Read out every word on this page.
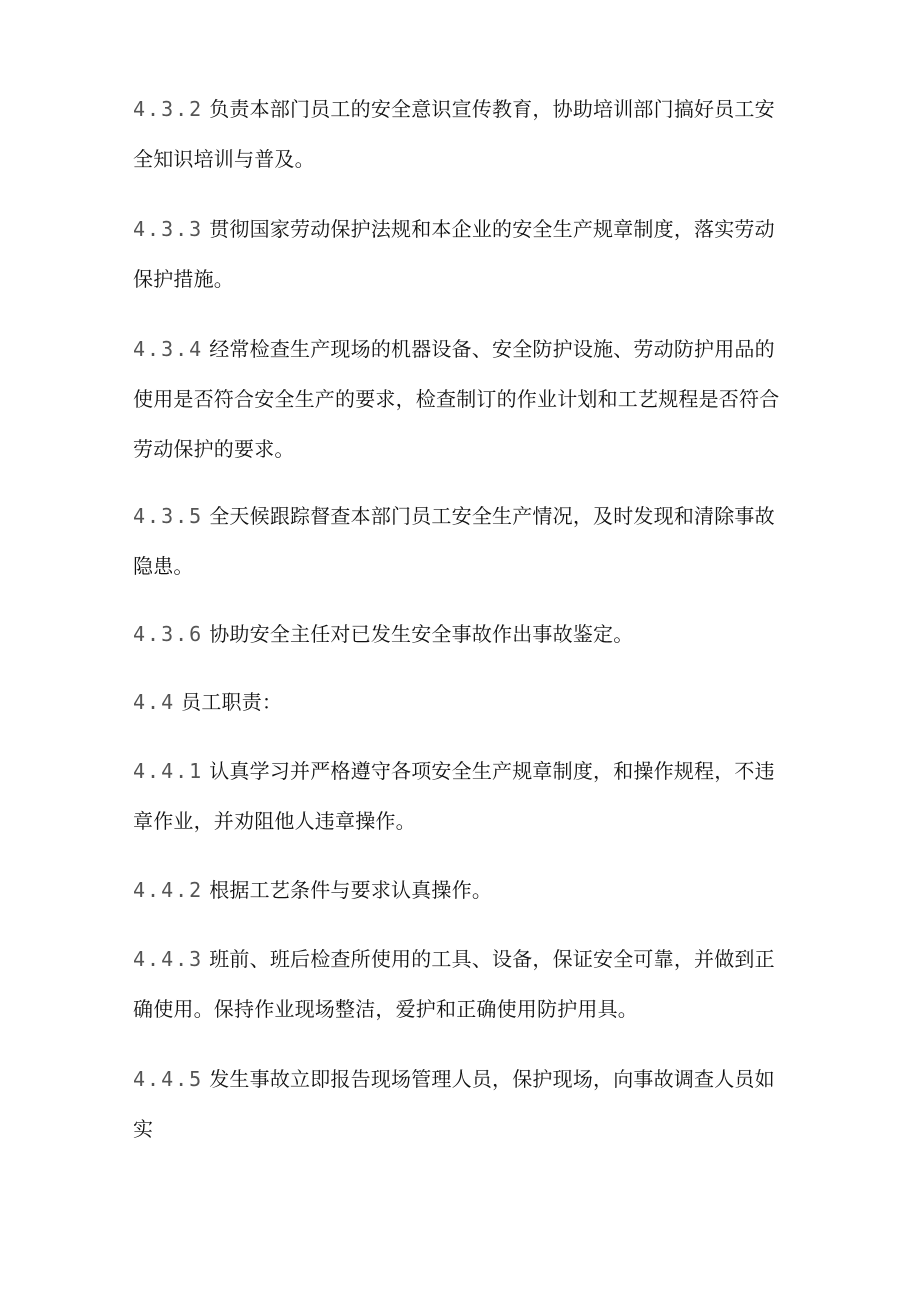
4.3.2 负责本部门员工的安全意识宣传教育，协助培训部门搞好员工安全知识培训与普及。

4.3.3 贯彻国家劳动保护法规和本企业的安全生产规章制度，落实劳动保护措施。

4.3.4 经常检查生产现场的机器设备、安全防护设施、劳动防护用品的使用是否符合安全生产的要求，检查制订的作业计划和工艺规程是否符合劳动保护的要求。

4.3.5 全天候跟踪督查本部门员工安全生产情况，及时发现和清除事故隐患。

4.3.6 协助安全主任对已发生安全事故作出事故鉴定。

4.4 员工职责：

4.4.1 认真学习并严格遵守各项安全生产规章制度，和操作规程，不违章作业，并劝阻他人违章操作。

4.4.2 根据工艺条件与要求认真操作。

4.4.3 班前、班后检查所使用的工具、设备，保证安全可靠，并做到正确使用。保持作业现场整洁，爱护和正确使用防护用具。

4.4.5 发生事故立即报告现场管理人员，保护现场，向事故调查人员如实
